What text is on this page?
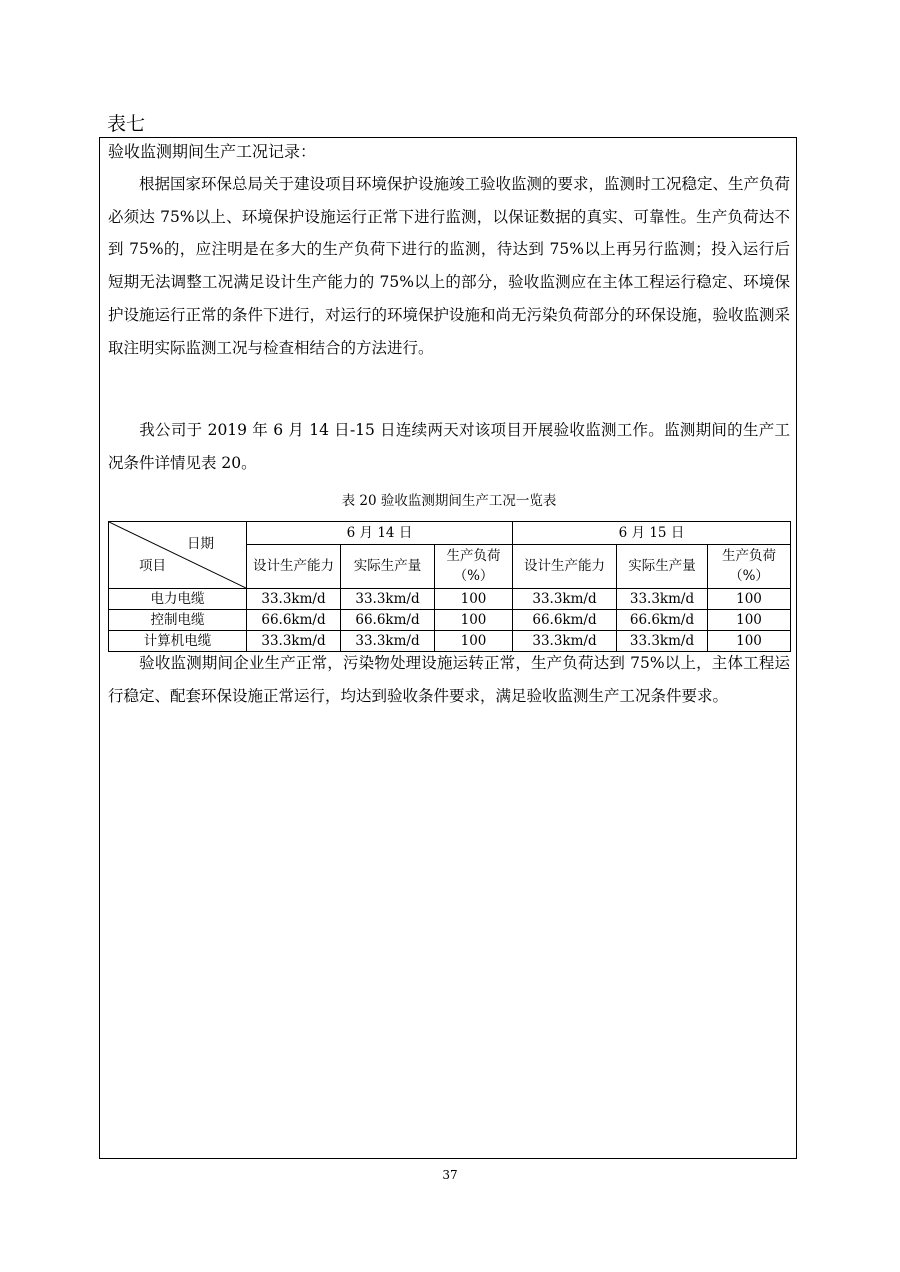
表七
验收监测期间生产工况记录：

根据国家环保总局关于建设项目环境保护设施竣工验收监测的要求，监测时工况稳定、生产负荷必须达 75%以上、环境保护设施运行正常下进行监测，以保证数据的真实、可靠性。生产负荷达不到 75%的，应注明是在多大的生产负荷下进行的监测，待达到 75%以上再另行监测；投入运行后短期无法调整工况满足设计生产能力的 75%以上的部分，验收监测应在主体工程运行稳定、环境保护设施运行正常的条件下进行，对运行的环境保护设施和尚无污染负荷部分的环保设施，验收监测采取注明实际监测工况与检查相结合的方法进行。

我公司于 2019 年 6 月 14 日-15 日连续两天对该项目开展验收监测工作。监测期间的生产工况条件详情见表 20。

表 20 验收监测期间生产工况一览表
日期
项目	6 月 14 日			6 月 15 日		
	设计生产能力	实际生产量	生产负荷（%）	设计生产能力	实际生产量	生产负荷（%）
电力电缆	33.3km/d	33.3km/d	100	33.3km/d	33.3km/d	100
控制电缆	66.6km/d	66.6km/d	100	66.6km/d	66.6km/d	100
计算机电缆	33.3km/d	33.3km/d	100	33.3km/d	33.3km/d	100

验收监测期间企业生产正常，污染物处理设施运转正常，生产负荷达到 75%以上，主体工程运行稳定、配套环保设施正常运行，均达到验收条件要求，满足验收监测生产工况条件要求。

37
